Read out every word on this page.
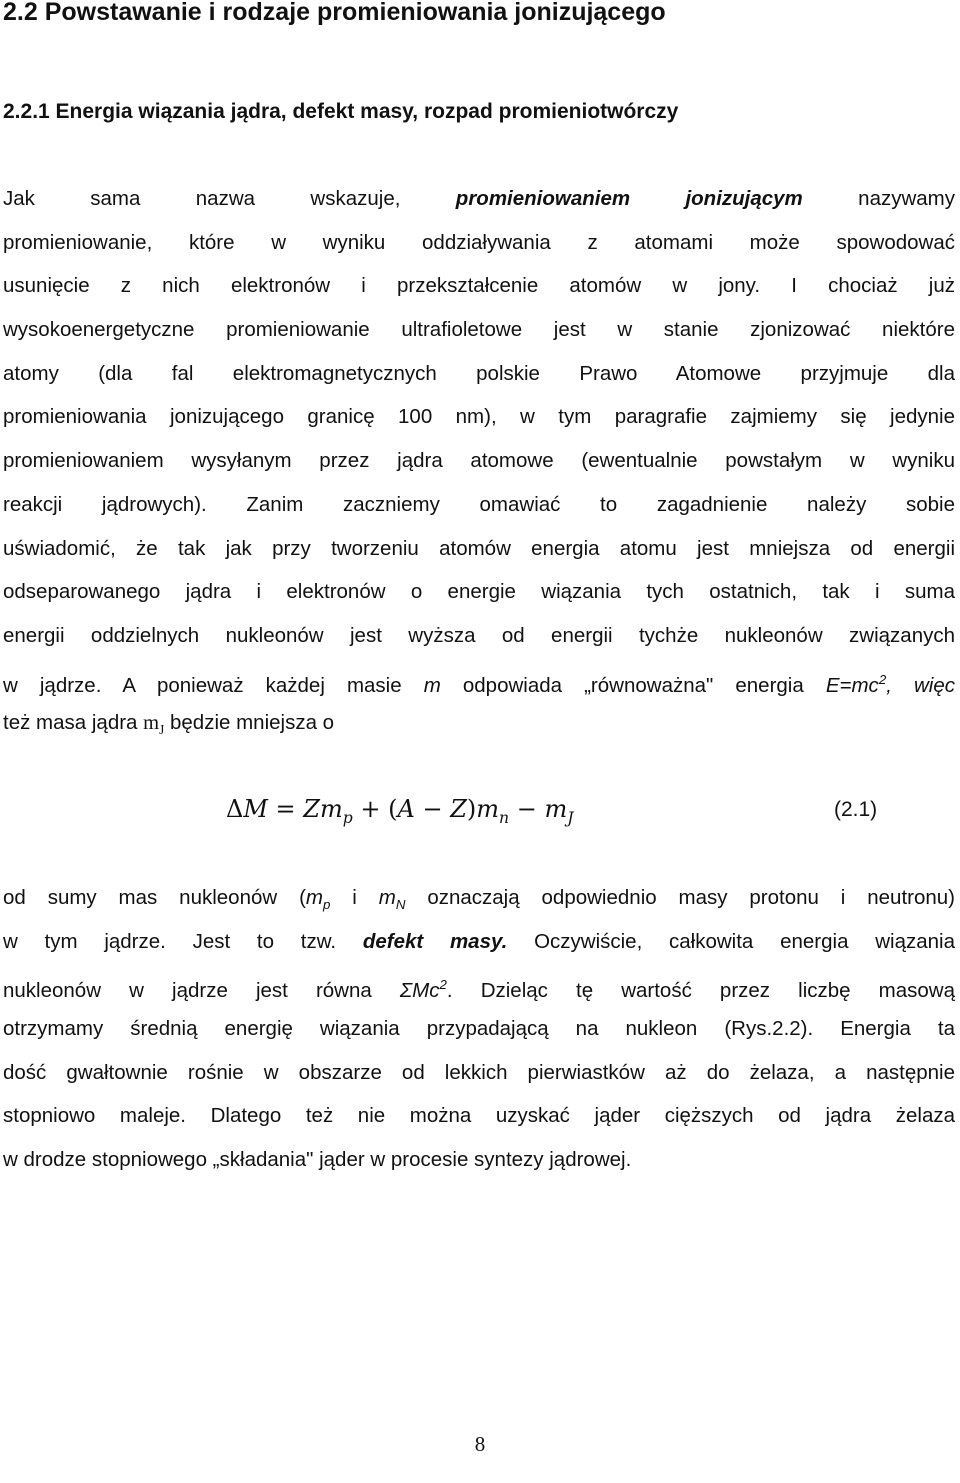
2.2 Powstawanie i rodzaje promieniowania jonizującego
2.2.1 Energia wiązania jądra, defekt masy, rozpad promieniotwórczy
Jak sama nazwa wskazuje, promieniowaniem jonizującym nazywamy
promieniowanie, które w wyniku oddziaływania z atomami może spowodować
usunięcie z nich elektronów i przekształcenie atomów w jony. I chociaż już
wysokoenergetyczne promieniowanie ultrafioletowe jest w stanie zjonizować niektóre
atomy (dla fal elektromagnetycznych polskie Prawo Atomowe przyjmuje dla
promieniowania jonizującego granicę 100 nm), w tym paragrafie zajmiemy się jedynie
promieniowaniem wysyłanym przez jądra atomowe (ewentualnie powstałym w wyniku
reakcji jądrowych). Zanim zaczniemy omawiać to zagadnienie należy sobie
uświadomić, że tak jak przy tworzeniu atomów energia atomu jest mniejsza od energii
odseparowanego jądra i elektronów o energie wiązania tych ostatnich, tak i suma
energii oddzielnych nukleonów jest wyższa od energii tychże nukleonów związanych
w jądrze. A ponieważ każdej masie m odpowiada „równoważna" energia $E=mc^2$, więc
też masa jądra $m_J$ będzie mniejsza o
$\Delta M = Zm_p + (A - Z)m_n - m_J$	(2.1)
od sumy mas nukleonów ($m_p$ i $m_N$ oznaczają odpowiednio masy protonu i neutronu)
w tym jądrze. Jest to tzw. defekt masy. Oczywiście, całkowita energia wiązania
nukleonów w jądrze jest równa ΣMc$^2$. Dzieląc tę wartość przez liczbę masową
otrzymamy średnią energię wiązania przypadającą na nukleon (Rys.2.2). Energia ta
dość gwałtownie rośnie w obszarze od lekkich pierwiastków aż do żelaza, a następnie
stopniowo maleje. Dlatego też nie można uzyskać jąder cięższych od jądra żelaza
w drodze stopniowego „składania" jąder w procesie syntezy jądrowej.
8
